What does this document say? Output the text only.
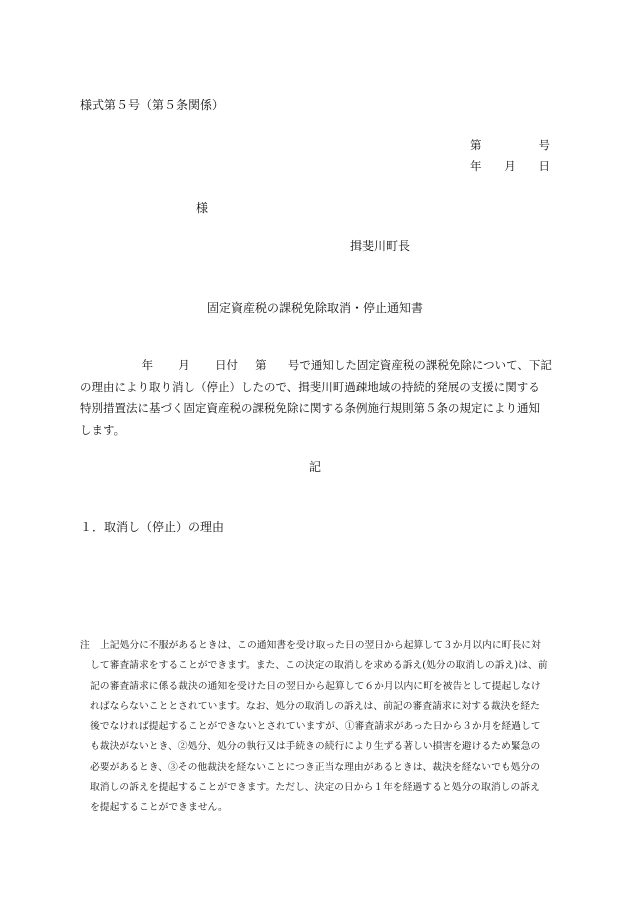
様式第５号（第５条関係）
第	号
年 月 日
様
揖斐川町長
固定資産税の課税免除取消・停止通知書
年 月 日付 第 号で通知した固定資産税の課税免除について、下記
の理由により取り消し（停止）したので、揖斐川町過疎地域の持続的発展の支援に関する
特別措置法に基づく固定資産税の課税免除に関する条例施行規則第５条の規定により通知
します。
記
１．取消し（停止）の理由
注 上記処分に不服があるときは、この通知書を受け取った日の翌日から起算して３か月以内に町長に対
して審査請求をすることができます。また、この決定の取消しを求める訴え(処分の取消しの訴え)は、前
記の審査請求に係る裁決の通知を受けた日の翌日から起算して６か月以内に町を被告として提起しなけ
ればならないこととされています。なお、処分の取消しの訴えは、前記の審査請求に対する裁決を経た
後でなければ提起することができないとされていますが、①審査請求があった日から３か月を経過して
も裁決がないとき、②処分、処分の執行又は手続きの続行により生ずる著しい損害を避けるため緊急の
必要があるとき、③その他裁決を経ないことにつき正当な理由があるときは、裁決を経ないでも処分の
取消しの訴えを提起することができます。ただし、決定の日から１年を経過すると処分の取消しの訴え
を提起することができません。
